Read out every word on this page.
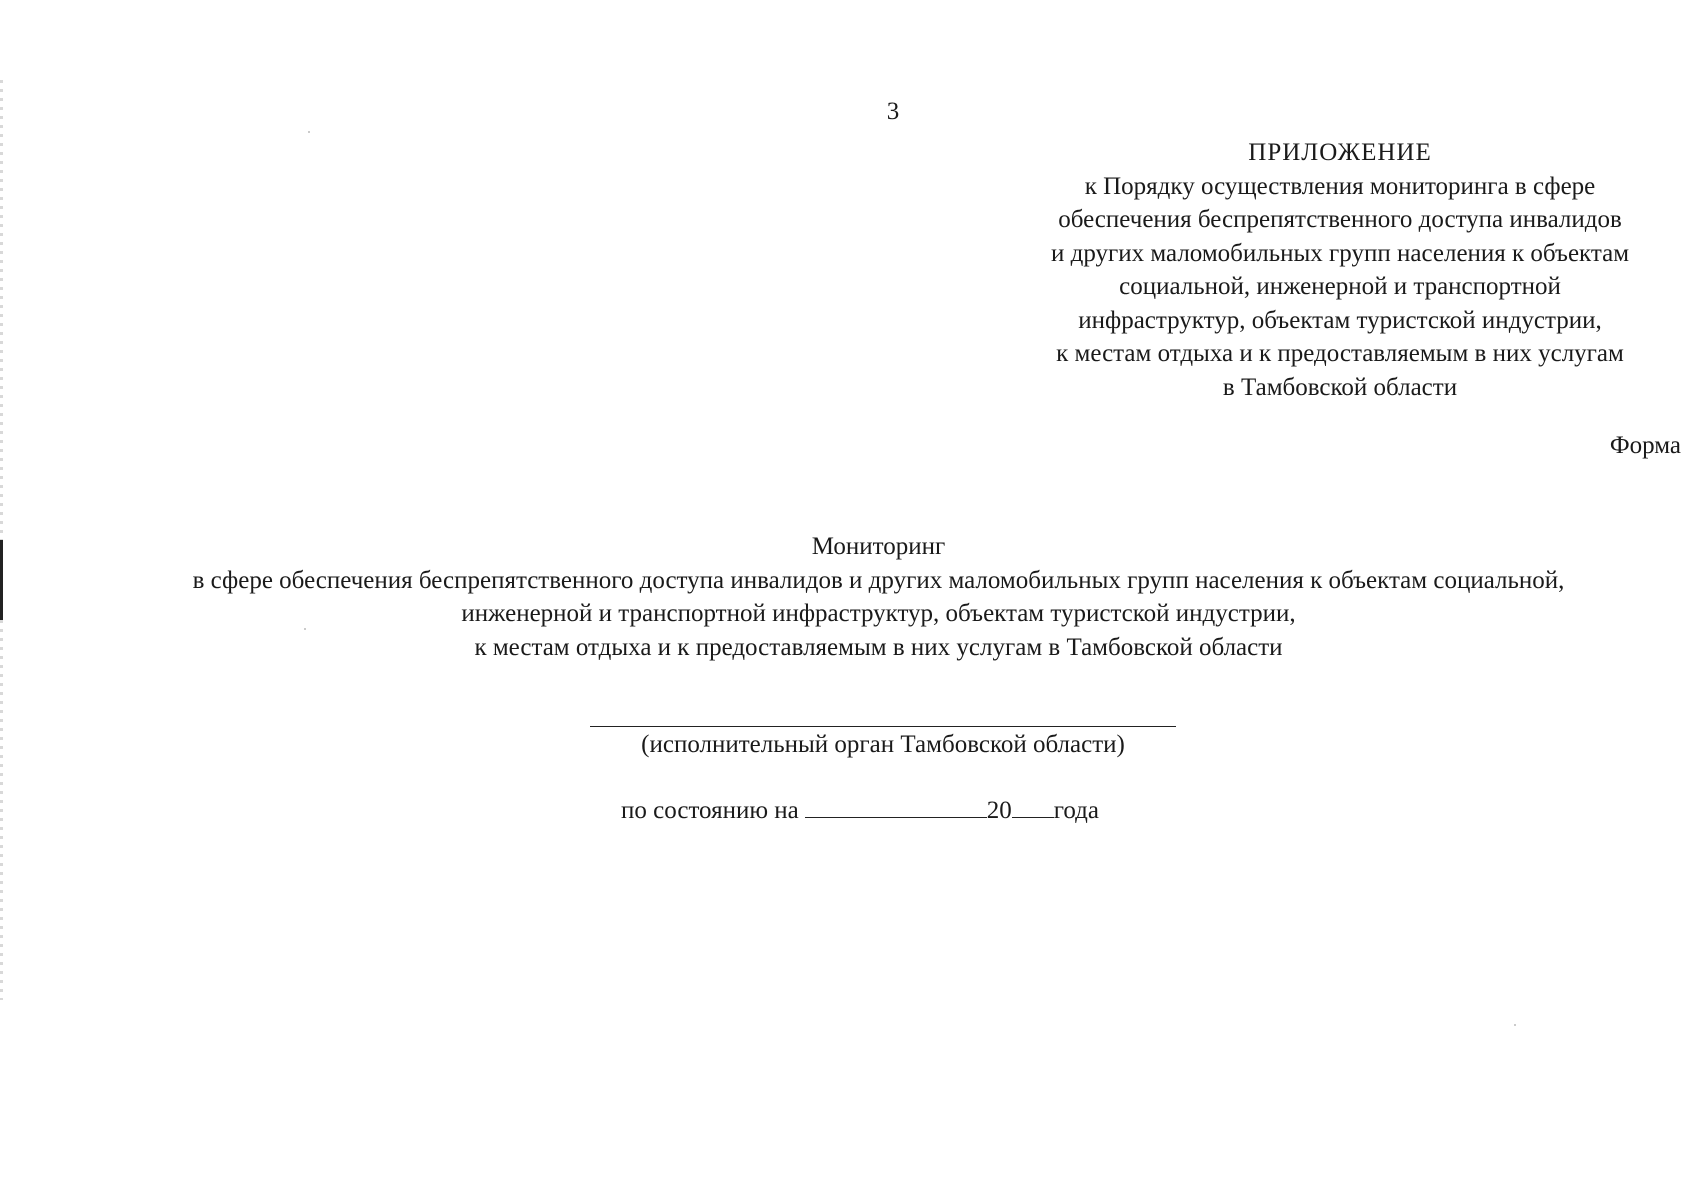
3
ПРИЛОЖЕНИЕ
к Порядку осуществления мониторинга в сфере
обеспечения беспрепятственного доступа инвалидов
и других маломобильных групп населения к объектам
социальной, инженерной и транспортной
инфраструктур, объектам туристской индустрии,
к местам отдыха и к предоставляемым в них услугам
в Тамбовской области
Форма
Мониторинг
в сфере обеспечения беспрепятственного доступа инвалидов и других маломобильных групп населения к объектам социальной,
инженерной и транспортной инфраструктур, объектам туристской индустрии,
к местам отдыха и к предоставляемым в них услугам в Тамбовской области
(исполнительный орган Тамбовской области)
по состоянию на	20 года
